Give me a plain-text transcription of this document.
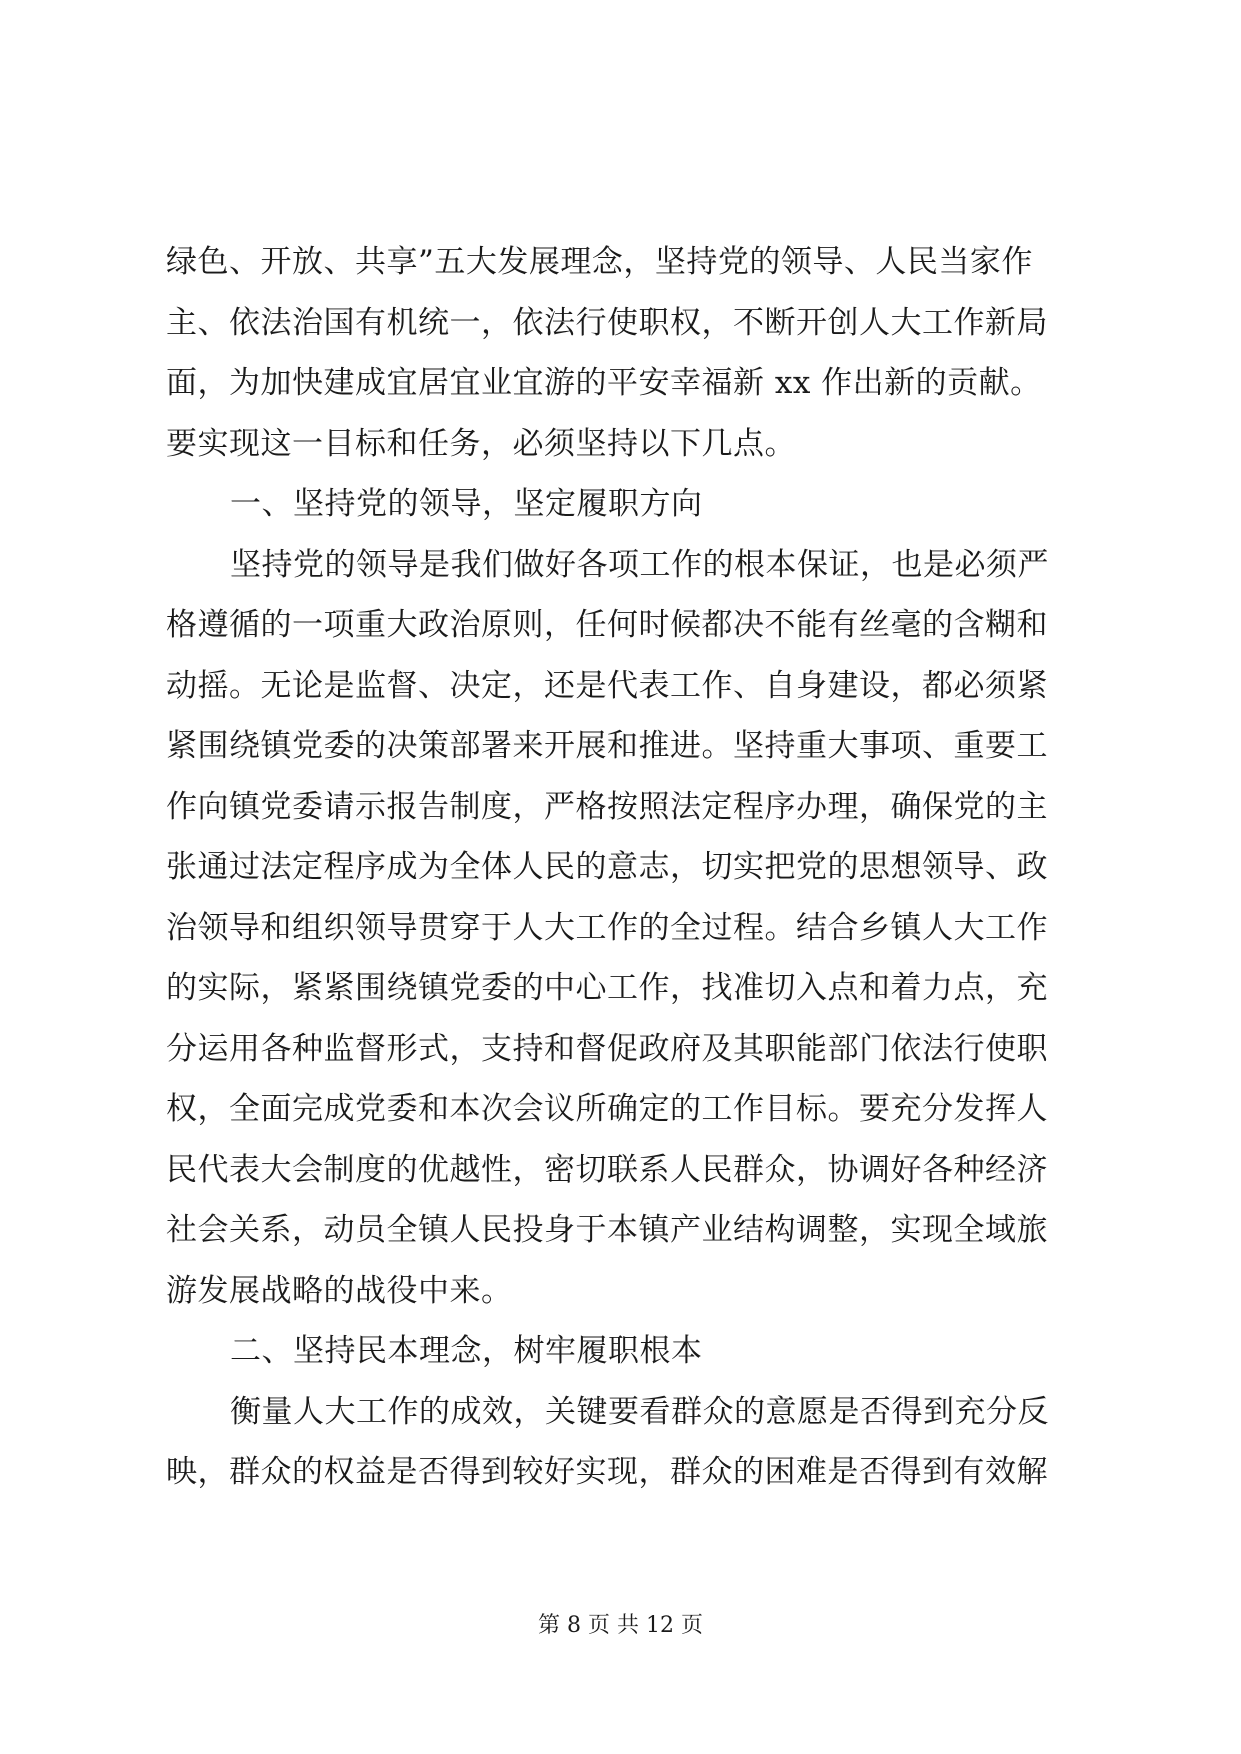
绿色、开放、共享”五大发展理念，坚持党的领导、人民当家作
主、依法治国有机统一，依法行使职权，不断开创人大工作新局
面，为加快建成宜居宜业宜游的平安幸福新 xx 作出新的贡献。
要实现这一目标和任务，必须坚持以下几点。
一、坚持党的领导，坚定履职方向
坚持党的领导是我们做好各项工作的根本保证，也是必须严
格遵循的一项重大政治原则，任何时候都决不能有丝毫的含糊和
动摇。无论是监督、决定，还是代表工作、自身建设，都必须紧
紧围绕镇党委的决策部署来开展和推进。坚持重大事项、重要工
作向镇党委请示报告制度，严格按照法定程序办理，确保党的主
张通过法定程序成为全体人民的意志，切实把党的思想领导、政
治领导和组织领导贯穿于人大工作的全过程。结合乡镇人大工作
的实际，紧紧围绕镇党委的中心工作，找准切入点和着力点，充
分运用各种监督形式，支持和督促政府及其职能部门依法行使职
权，全面完成党委和本次会议所确定的工作目标。要充分发挥人
民代表大会制度的优越性，密切联系人民群众，协调好各种经济
社会关系，动员全镇人民投身于本镇产业结构调整，实现全域旅
游发展战略的战役中来。
二、坚持民本理念，树牢履职根本
衡量人大工作的成效，关键要看群众的意愿是否得到充分反
映，群众的权益是否得到较好实现，群众的困难是否得到有效解
第 8 页 共 12 页
